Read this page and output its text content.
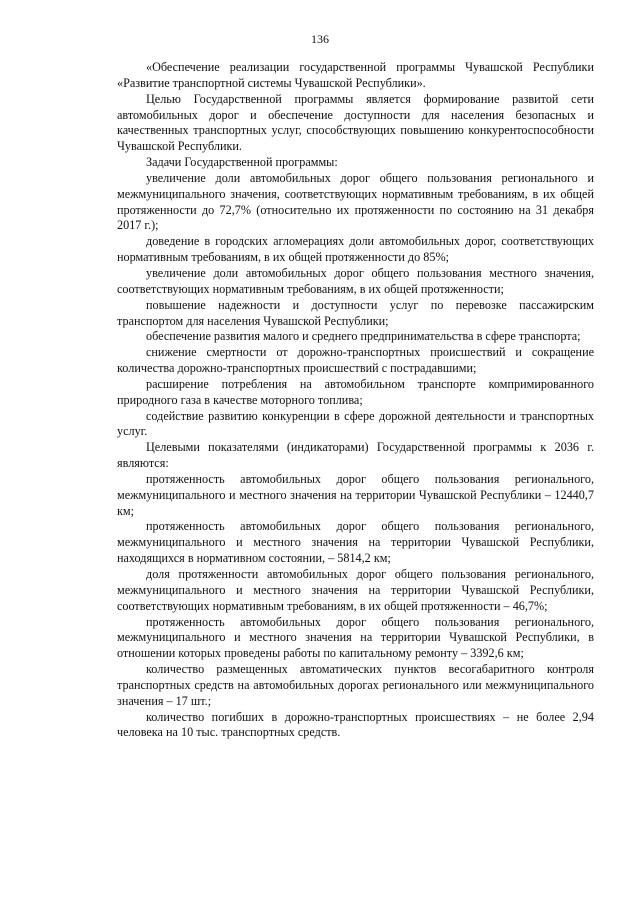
136

«Обеспечение реализации государственной программы Чувашской Республики «Развитие транспортной системы Чувашской Республики».

Целью Государственной программы является формирование развитой сети автомобильных дорог и обеспечение доступности для населения безопасных и качественных транспортных услуг, способствующих повышению конкурентоспособности Чувашской Республики.

Задачи Государственной программы:

увеличение доли автомобильных дорог общего пользования регионального и межмуниципального значения, соответствующих нормативным требованиям, в их общей протяженности до 72,7% (относительно их протяженности по состоянию на 31 декабря 2017 г.);

доведение в городских агломерациях доли автомобильных дорог, соответствующих нормативным требованиям, в их общей протяженности до 85%;

увеличение доли автомобильных дорог общего пользования местного значения, соответствующих нормативным требованиям, в их общей протяженности;

повышение надежности и доступности услуг по перевозке пассажирским транспортом для населения Чувашской Республики;

обеспечение развития малого и среднего предпринимательства в сфере транспорта;

снижение смертности от дорожно-транспортных происшествий и сокращение количества дорожно-транспортных происшествий с пострадавшими;

расширение потребления на автомобильном транспорте компримированного природного газа в качестве моторного топлива;

содействие развитию конкуренции в сфере дорожной деятельности и транспортных услуг.

Целевыми показателями (индикаторами) Государственной программы к 2036 г. являются:

протяженность автомобильных дорог общего пользования регионального, межмуниципального и местного значения на территории Чувашской Республики – 12440,7 км;

протяженность автомобильных дорог общего пользования регионального, межмуниципального и местного значения на территории Чувашской Республики, находящихся в нормативном состоянии, – 5814,2 км;

доля протяженности автомобильных дорог общего пользования регионального, межмуниципального и местного значения на территории Чувашской Республики, соответствующих нормативным требованиям, в их общей протяженности – 46,7%;

протяженность автомобильных дорог общего пользования регионального, межмуниципального и местного значения на территории Чувашской Республики, в отношении которых проведены работы по капитальному ремонту – 3392,6 км;

количество размещенных автоматических пунктов весогабаритного контроля транспортных средств на автомобильных дорогах регионального или межмуниципального значения – 17 шт.;

количество погибших в дорожно-транспортных происшествиях – не более 2,94 человека на 10 тыс. транспортных средств.
